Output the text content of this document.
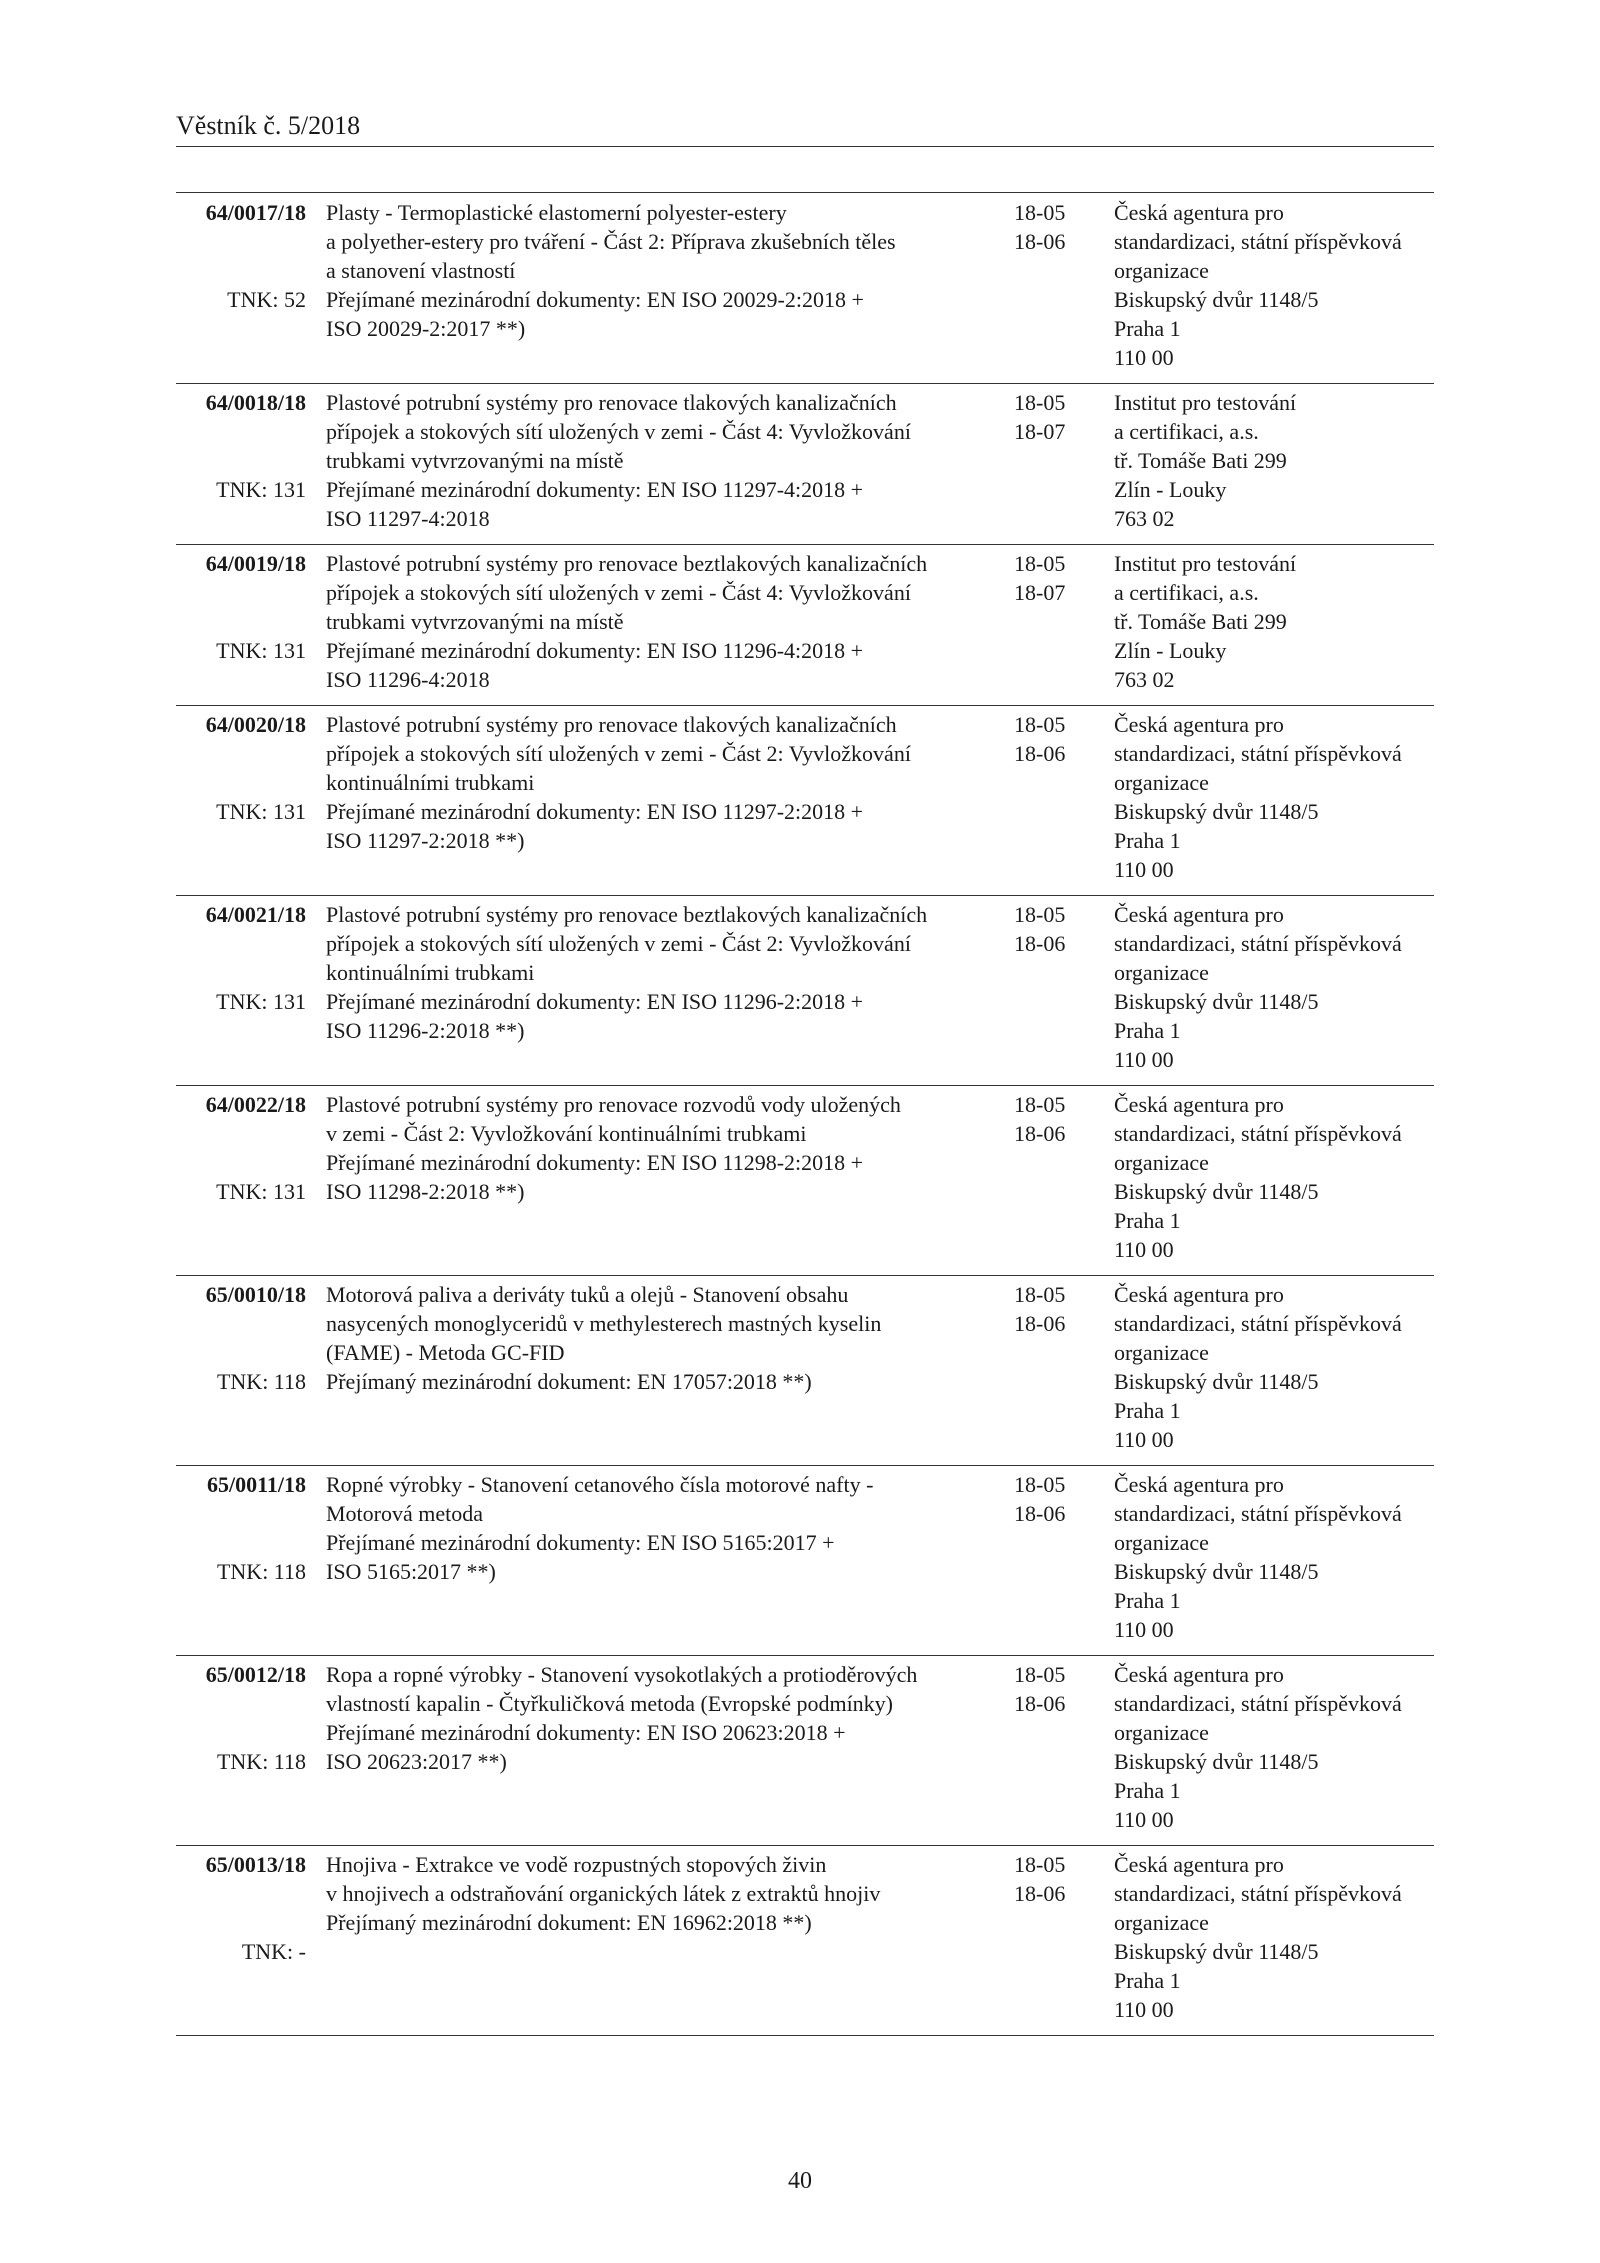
Věstník č. 5/2018
64/0017/18
TNK: 52
Plasty - Termoplastické elastomerní polyester-estery
a polyether-estery pro tváření - Část 2: Příprava zkušebních těles
a stanovení vlastností
Přejímané mezinárodní dokumenty: EN ISO 20029-2:2018 +
ISO 20029-2:2017 **)
18-05
18-06
Česká agentura pro
standardizaci, státní příspěvková
organizace
Biskupský dvůr 1148/5
Praha 1
110 00
64/0018/18
TNK: 131
Plastové potrubní systémy pro renovace tlakových kanalizačních
přípojek a stokových sítí uložených v zemi - Část 4: Vyvložkování
trubkami vytvrzovanými na místě
Přejímané mezinárodní dokumenty: EN ISO 11297-4:2018 +
ISO 11297-4:2018
18-05
18-07
Institut pro testování
a certifikaci, a.s.
tř. Tomáše Bati 299
Zlín - Louky
763 02
64/0019/18
TNK: 131
Plastové potrubní systémy pro renovace beztlakových kanalizačních
přípojek a stokových sítí uložených v zemi - Část 4: Vyvložkování
trubkami vytvrzovanými na místě
Přejímané mezinárodní dokumenty: EN ISO 11296-4:2018 +
ISO 11296-4:2018
18-05
18-07
Institut pro testování
a certifikaci, a.s.
tř. Tomáše Bati 299
Zlín - Louky
763 02
64/0020/18
TNK: 131
Plastové potrubní systémy pro renovace tlakových kanalizačních
přípojek a stokových sítí uložených v zemi - Část 2: Vyvložkování
kontinuálními trubkami
Přejímané mezinárodní dokumenty: EN ISO 11297-2:2018 +
ISO 11297-2:2018 **)
18-05
18-06
Česká agentura pro
standardizaci, státní příspěvková
organizace
Biskupský dvůr 1148/5
Praha 1
110 00
64/0021/18
TNK: 131
Plastové potrubní systémy pro renovace beztlakových kanalizačních
přípojek a stokových sítí uložených v zemi - Část 2: Vyvložkování
kontinuálními trubkami
Přejímané mezinárodní dokumenty: EN ISO 11296-2:2018 +
ISO 11296-2:2018 **)
18-05
18-06
Česká agentura pro
standardizaci, státní příspěvková
organizace
Biskupský dvůr 1148/5
Praha 1
110 00
64/0022/18
TNK: 131
Plastové potrubní systémy pro renovace rozvodů vody uložených
v zemi - Část 2: Vyvložkování kontinuálními trubkami
Přejímané mezinárodní dokumenty: EN ISO 11298-2:2018 +
ISO 11298-2:2018 **)
18-05
18-06
Česká agentura pro
standardizaci, státní příspěvková
organizace
Biskupský dvůr 1148/5
Praha 1
110 00
65/0010/18
TNK: 118
Motorová paliva a deriváty tuků a olejů - Stanovení obsahu
nasycených monoglyceridů v methylesterech mastných kyselin
(FAME) - Metoda GC-FID
Přejímaný mezinárodní dokument: EN 17057:2018 **)
18-05
18-06
Česká agentura pro
standardizaci, státní příspěvková
organizace
Biskupský dvůr 1148/5
Praha 1
110 00
65/0011/18
TNK: 118
Ropné výrobky - Stanovení cetanového čísla motorové nafty -
Motorová metoda
Přejímané mezinárodní dokumenty: EN ISO 5165:2017 +
ISO 5165:2017 **)
18-05
18-06
Česká agentura pro
standardizaci, státní příspěvková
organizace
Biskupský dvůr 1148/5
Praha 1
110 00
65/0012/18
TNK: 118
Ropa a ropné výrobky - Stanovení vysokotlakých a protioděrových
vlastností kapalin - Čtyřkuličková metoda (Evropské podmínky)
Přejímané mezinárodní dokumenty: EN ISO 20623:2018 +
ISO 20623:2017 **)
18-05
18-06
Česká agentura pro
standardizaci, státní příspěvková
organizace
Biskupský dvůr 1148/5
Praha 1
110 00
65/0013/18
TNK: -
Hnojiva - Extrakce ve vodě rozpustných stopových živin
v hnojivech a odstraňování organických látek z extraktů hnojiv
Přejímaný mezinárodní dokument: EN 16962:2018 **)
18-05
18-06
Česká agentura pro
standardizaci, státní příspěvková
organizace
Biskupský dvůr 1148/5
Praha 1
110 00
40
